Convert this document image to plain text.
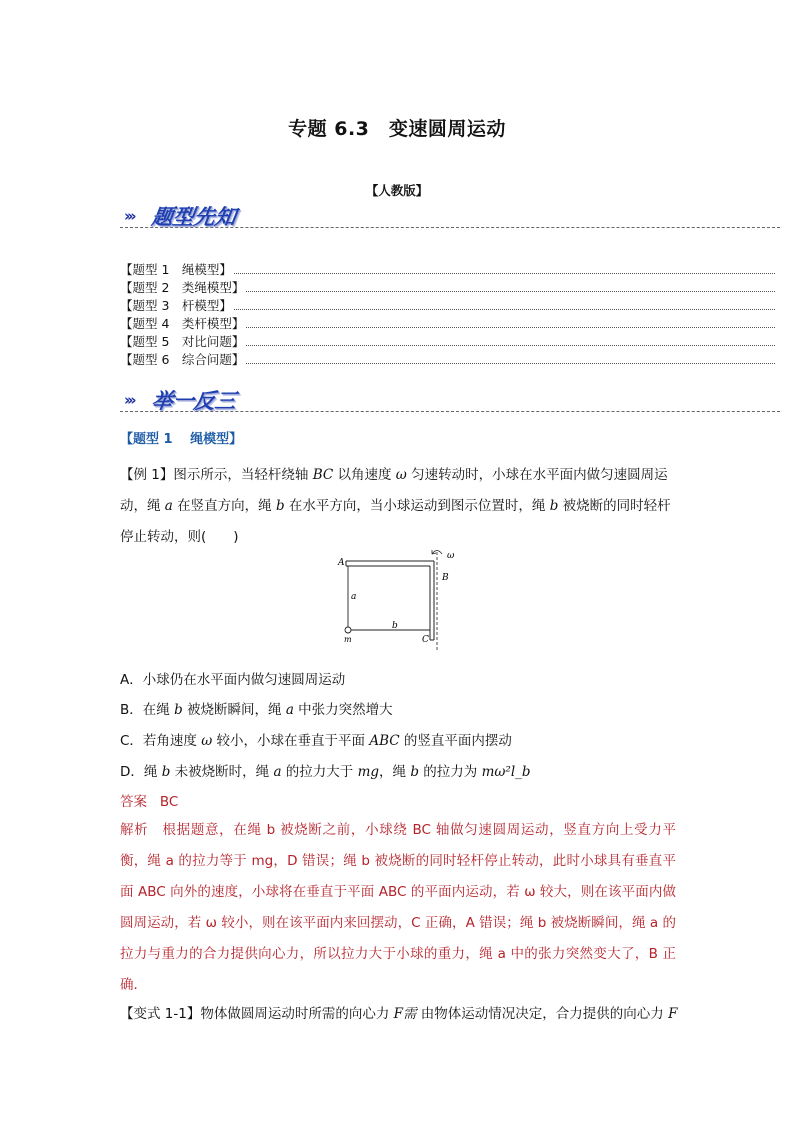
专题 6.3　变速圆周运动
【人教版】
››› 题型先知
【题型 1　绳模型】
【题型 2　类绳模型】
【题型 3　杆模型】
【题型 4　类杆模型】
【题型 5　对比问题】
【题型 6　综合问题】
››› 举一反三
【题型 1　 绳模型】
【例 1】图示所示，当轻杆绕轴 BC 以角速度 ω 匀速转动时，小球在水平面内做匀速圆周运动，绳 a 在竖直方向，绳 b 在水平方向，当小球运动到图示位置时，绳 b 被烧断的同时轻杆停止转动，则(　　)
A
B
C
a
b
m
ω
A．小球仍在水平面内做匀速圆周运动
B．在绳 b 被烧断瞬间，绳 a 中张力突然增大
C．若角速度 ω 较小，小球在垂直于平面 ABC 的竖直平面内摆动
D．绳 b 未被烧断时，绳 a 的拉力大于 mg，绳 b 的拉力为 mω²l_b
答案 BC
解析　 根据题意，在绳 b 被烧断之前，小球绕 BC 轴做匀速圆周运动，竖直方向上受力平衡，绳 a 的拉力等于 mg，D 错误；绳 b 被烧断的同时轻杆停止转动，此时小球具有垂直平面 ABC 向外的速度，小球将在垂直于平面 ABC 的平面内运动，若 ω 较大，则在该平面内做圆周运动，若 ω 较小，则在该平面内来回摆动，C 正确，A 错误；绳 b 被烧断瞬间，绳 a 的拉力与重力的合力提供向心力，所以拉力大于小球的重力，绳 a 中的张力突然变大了，B 正确．
【变式 1-1】物体做圆周运动时所需的向心力 F需 由物体运动情况决定，合力提供的向心力 F
